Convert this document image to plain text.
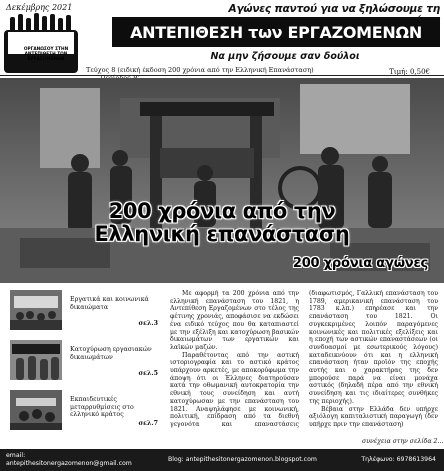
Δεκέμβρης 2021
ΟΡΓΑΝΩΣΟΥ ΣΤΗΝ
ΑΝΤΕΠΙΘΕΣΗ ΤΩΝ ΕΡΓΑΖΟΜΕΝΩΝ
Αγώνες παντού για να ξηλώσουμε τη
ΑΝΤΕΠΙΘΕΣΗ των ΕΡΓΑΖΟΜΕΝΩΝ
Να μην ζήσουμε σαν δούλοι
Τεύχος 8 (ειδική έκδοση 200 χρόνια από την Ελληνική Επανάσταση)	Τιμή: 0,50€
200 χρόνια από την
Ελληνική επανάσταση
200 χρόνια αγώνες
Εργατικά και κοινωνικά δικαιώματα
σελ.3
Κατοχύρωση εργασιακών δικαιωμάτων
σελ.5
Εκπαιδευτικές μεταρρυθμίσεις στο ελληνικό κράτος
σελ.7

Με αφορμή τα 200 χρόνια από την ελληνική επανάσταση του 1821, η Αντεπίθεση Εργαζομένων στο τέλος της φέτινης χρονιάς, αποφάσισε να εκδώσει ένα ειδικό τεύχος που θα καταπιαστεί με την εξέλιξη και κατοχύρωση βασικών δικαιωμάτων των εργατικών και λαϊκών μαζών.

Παραθέτοντας από την αστική ιστοριογραφία και το αστικό κράτος υπάρχουν αρκετές, με αποκορύφωμα την άποψη ότι οι Έλληνες διατηρούσαν κατά την οθωμανική αυτοκρατορία την εθνική τους συνείδηση και αυτή κατοχύρωσαν με την επανάσταση του 1821. Αναψηλάφησε με κοινωνική, πολιτική, επίδραση από τα διεθνή γεγονότα και επαναστάσεις (διαφωτισμός, Γαλλική επανάσταση του 1789, αμερικανική επανάσταση του 1783 κ.λπ.) επηρέασε και την επανάσταση του 1821. Οι συγκεκριμένες λοιπόν παραγόμενες κοινωνικές και πολιτικές εξελίξεις και η εποχή των αστικών επαναστάσεων (οι συνδυασμοί με εσωτερικούς λόγους) καταδεικνύουν ότι και η ελληνική επανάσταση ήταν προϊόν της εποχής αυτής και ο χαρακτήρας της δεν μπορούσε παρά να είναι μονάχα αστικός (δηλαδή πέρα από την εθνική συνείδηση και τις ιδιαίτερες συνθήκες της περιοχής).

Βέβαια στην Ελλάδα δεν υπήρχε αξιόλογη καπιταλιστική παραγωγή (δεν υπήρχε πριν την επανάσταση)

συνέχεια στην σελίδα 2...
email:
antepithesitonergazomenon@gmail.com	Blog: antepithesitonergazomenon.blogspot.com	Τηλέφωνο: 6978613964
